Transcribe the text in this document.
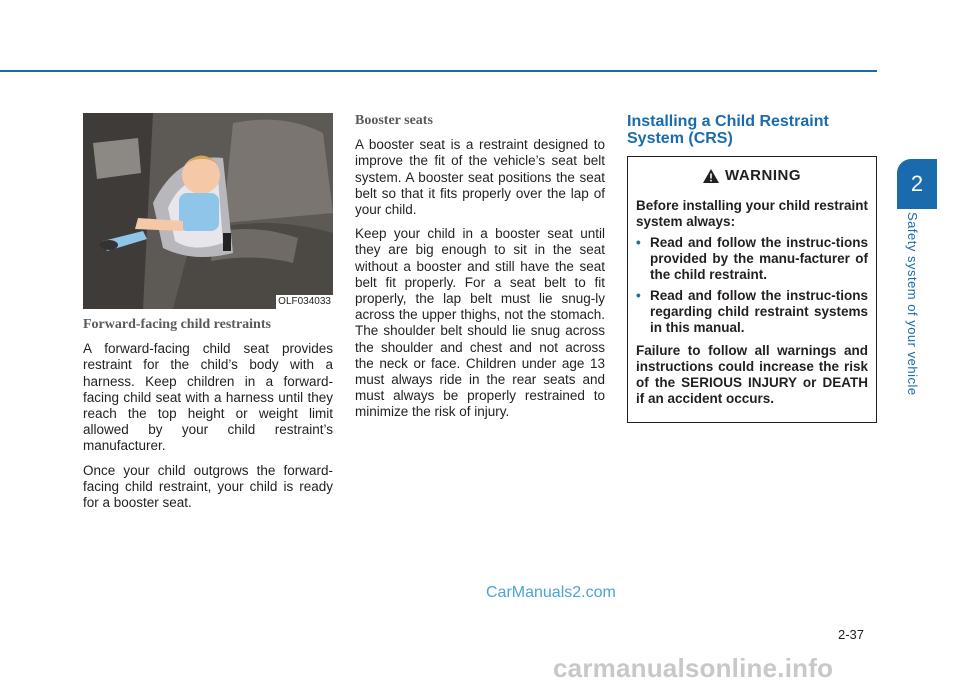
2
Safety system of your vehicle
OLF034033
Forward-facing child restraints

A forward-facing child seat provides restraint for the child’s body with a harness. Keep children in a forward-facing child seat with a harness until they reach the top height or weight limit allowed by your child restraint’s manufacturer.

Once your child outgrows the forward-facing child restraint, your child is ready for a booster seat.

Booster seats

A booster seat is a restraint designed to improve the fit of the vehicle’s seat belt system. A booster seat positions the seat belt so that it fits properly over the lap of your child.

Keep your child in a booster seat until they are big enough to sit in the seat without a booster and still have the seat belt fit properly. For a seat belt to fit properly, the lap belt must lie snug-ly across the upper thighs, not the stomach. The shoulder belt should lie snug across the shoulder and chest and not across the neck or face. Children under age 13 must always ride in the rear seats and must always be properly restrained to minimize the risk of injury.

Installing a Child Restraint System (CRS)
WARNING

Before installing your child restraint system always:

• Read and follow the instruc-tions provided by the manu-facturer of the child restraint.
• Read and follow the instruc-tions regarding child restraint systems in this manual.

Failure to follow all warnings and instructions could increase the risk of the SERIOUS INJURY or DEATH if an accident occurs.

CarManuals2.com
2-37
carmanualsonline.info
